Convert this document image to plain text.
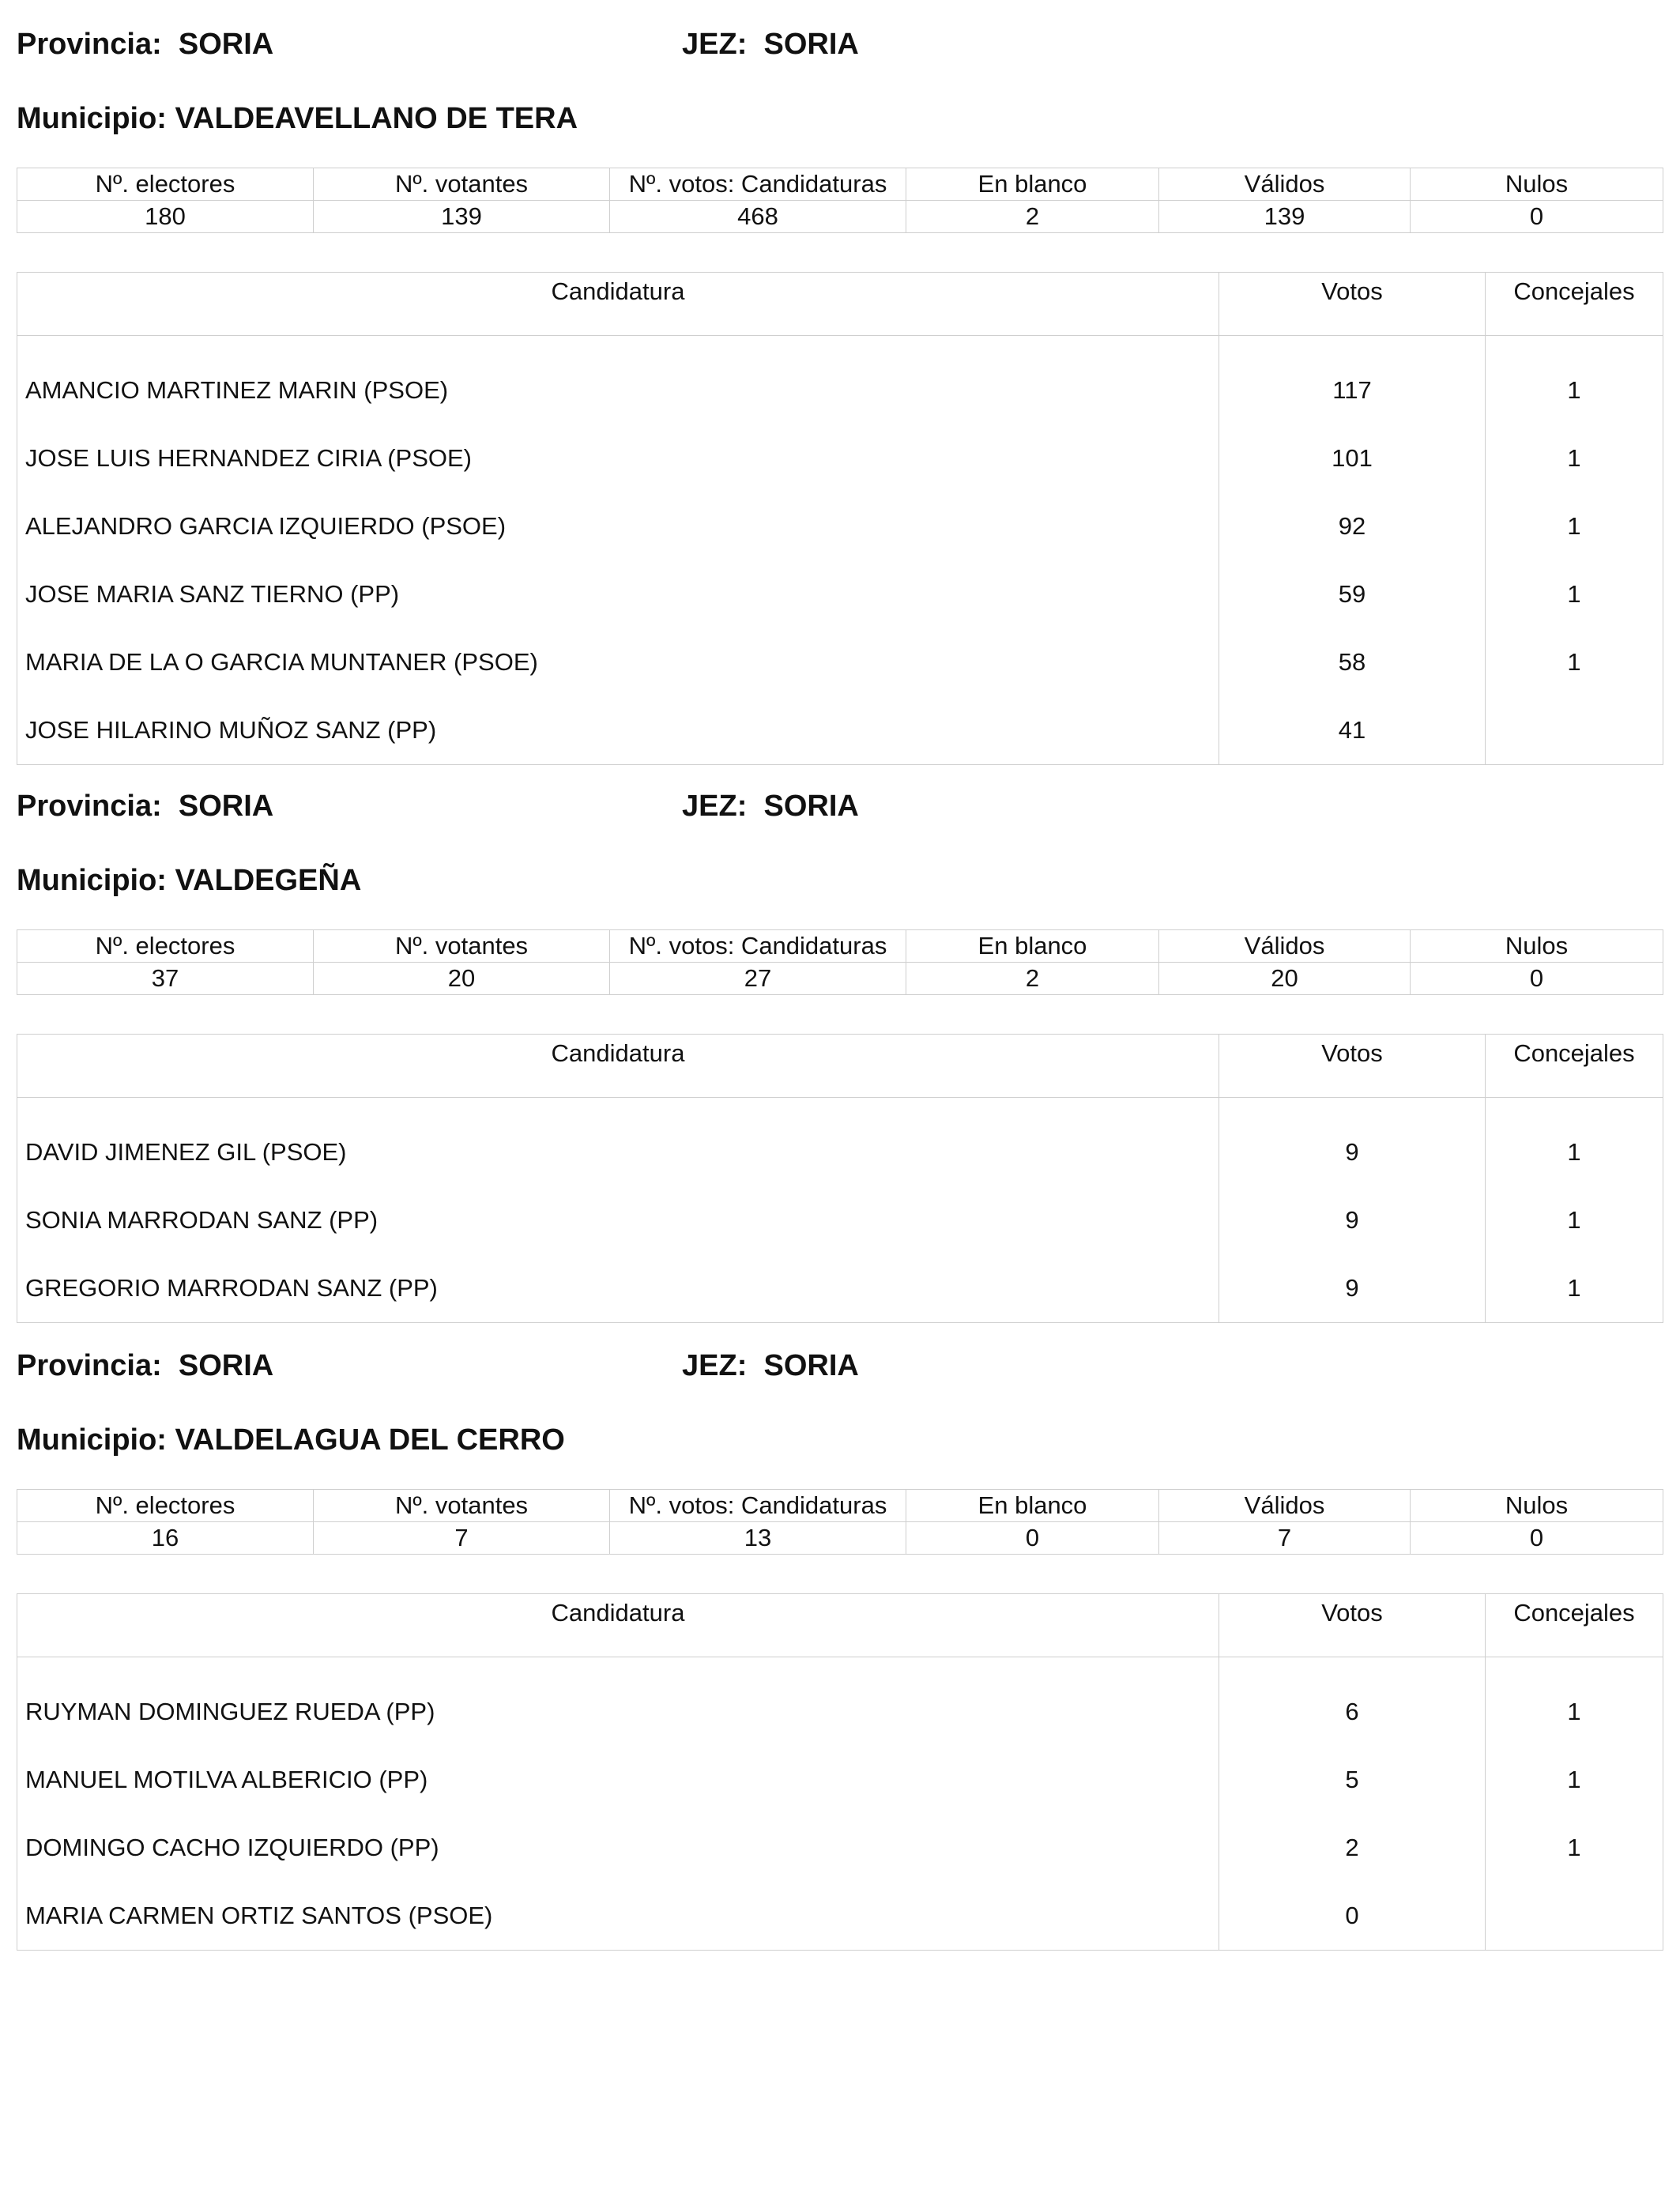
Provincia: SORIA	JEZ: SORIA
Municipio: VALDEAVELLANO DE TERA
Nº. electores	Nº. votantes	Nº. votos: Candidaturas	En blanco	Válidos	Nulos
180	139	468	2	139	0
Candidatura	Votos	Concejales
AMANCIO MARTINEZ MARIN (PSOE)	117	1
JOSE LUIS HERNANDEZ CIRIA (PSOE)	101	1
ALEJANDRO GARCIA IZQUIERDO (PSOE)	92	1
JOSE MARIA SANZ TIERNO (PP)	59	1
MARIA DE LA O GARCIA MUNTANER (PSOE)	58	1
JOSE HILARINO MUÑOZ SANZ (PP)	41	
Provincia: SORIA	JEZ: SORIA
Municipio: VALDEGEÑA
Nº. electores	Nº. votantes	Nº. votos: Candidaturas	En blanco	Válidos	Nulos
37	20	27	2	20	0
Candidatura	Votos	Concejales
DAVID JIMENEZ GIL (PSOE)	9	1
SONIA MARRODAN SANZ (PP)	9	1
GREGORIO MARRODAN SANZ (PP)	9	1
Provincia: SORIA	JEZ: SORIA
Municipio: VALDELAGUA DEL CERRO
Nº. electores	Nº. votantes	Nº. votos: Candidaturas	En blanco	Válidos	Nulos
16	7	13	0	7	0
Candidatura	Votos	Concejales
RUYMAN DOMINGUEZ RUEDA (PP)	6	1
MANUEL MOTILVA ALBERICIO (PP)	5	1
DOMINGO CACHO IZQUIERDO (PP)	2	1
MARIA CARMEN ORTIZ SANTOS (PSOE)	0	
